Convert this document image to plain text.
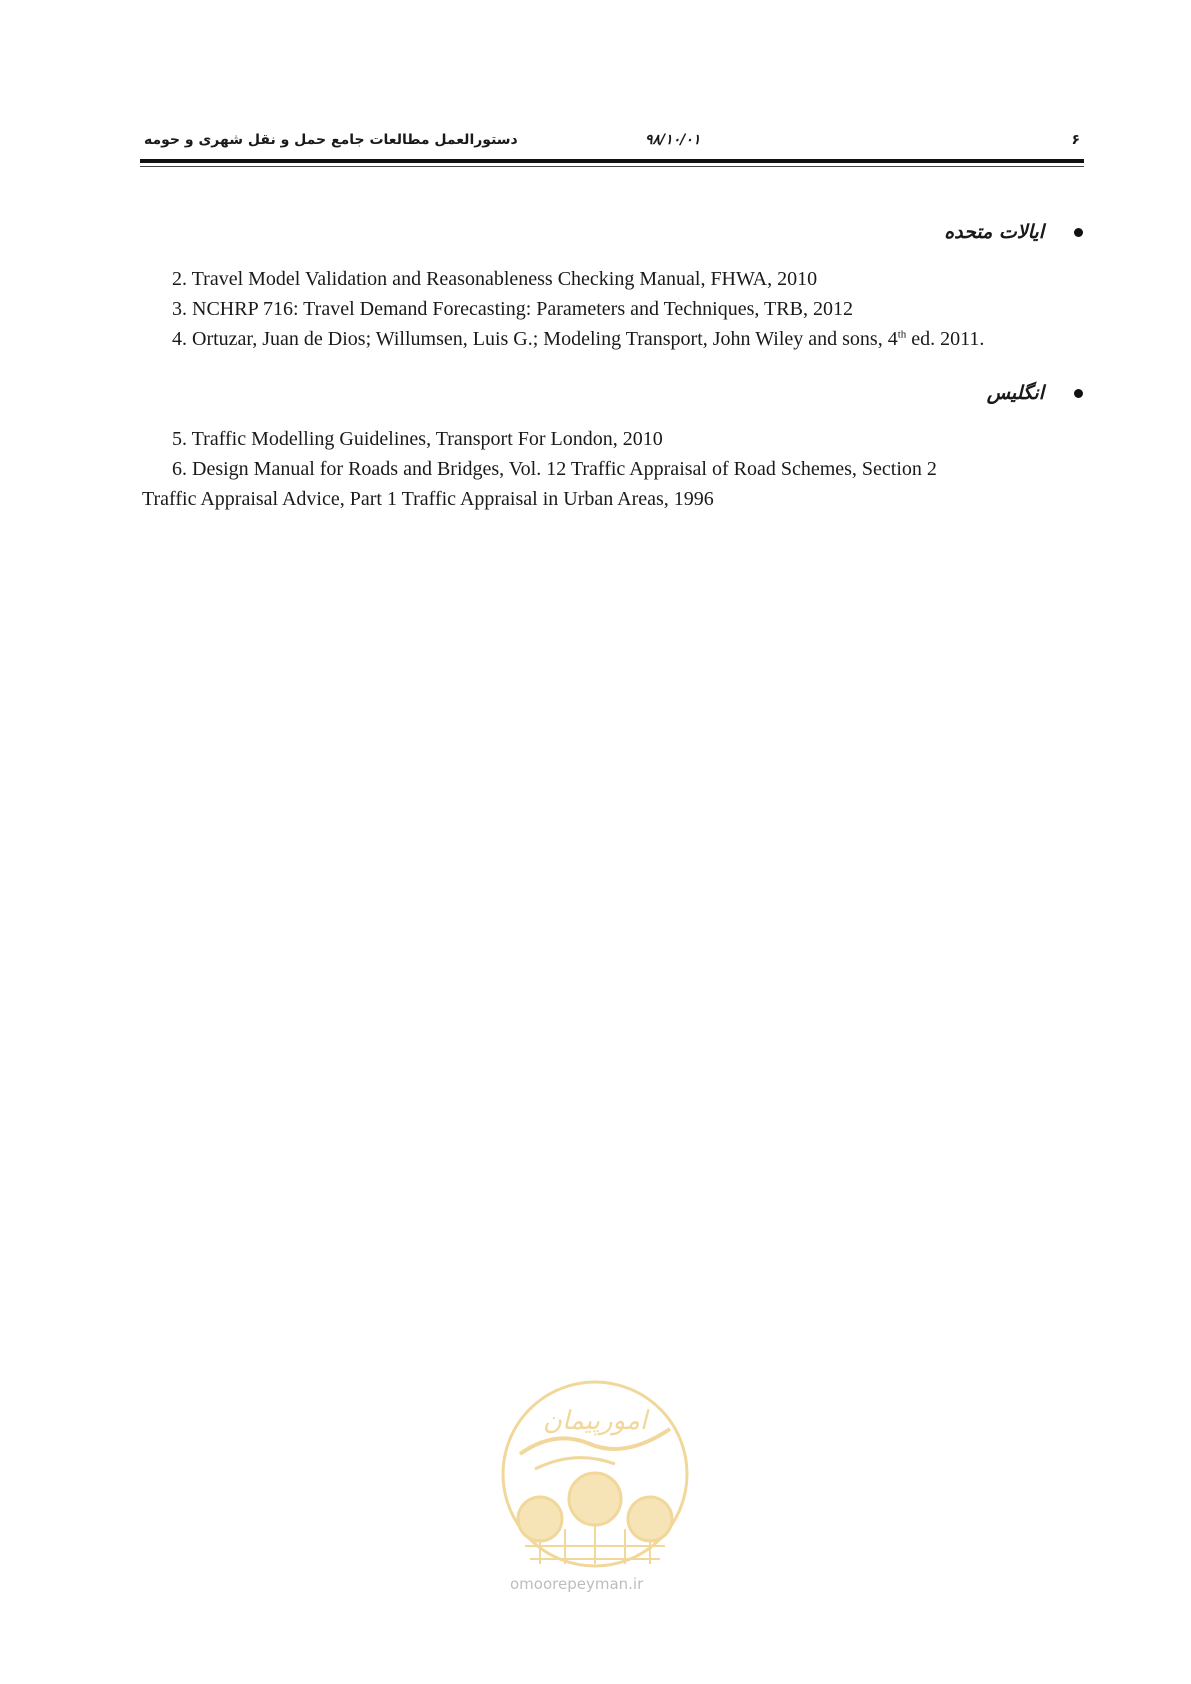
۶
۹۸/۱۰/۰۱
دستورالعمل مطالعات جامع حمل و نقل شهری و حومه
ایالات متحده
2. Travel Model Validation and Reasonableness Checking Manual, FHWA, 2010
3. NCHRP 716: Travel Demand Forecasting: Parameters and Techniques, TRB, 2012
4. Ortuzar, Juan de Dios; Willumsen, Luis G.; Modeling Transport, John Wiley and sons, 4th ed. 2011.
انگلیس
5. Traffic Modelling Guidelines, Transport For London, 2010
6. Design Manual for Roads and Bridges, Vol. 12 Traffic Appraisal of Road Schemes, Section 2
Traffic Appraisal Advice, Part 1 Traffic Appraisal in Urban Areas, 1996
امورپیمان
omoorepeyman.ir
